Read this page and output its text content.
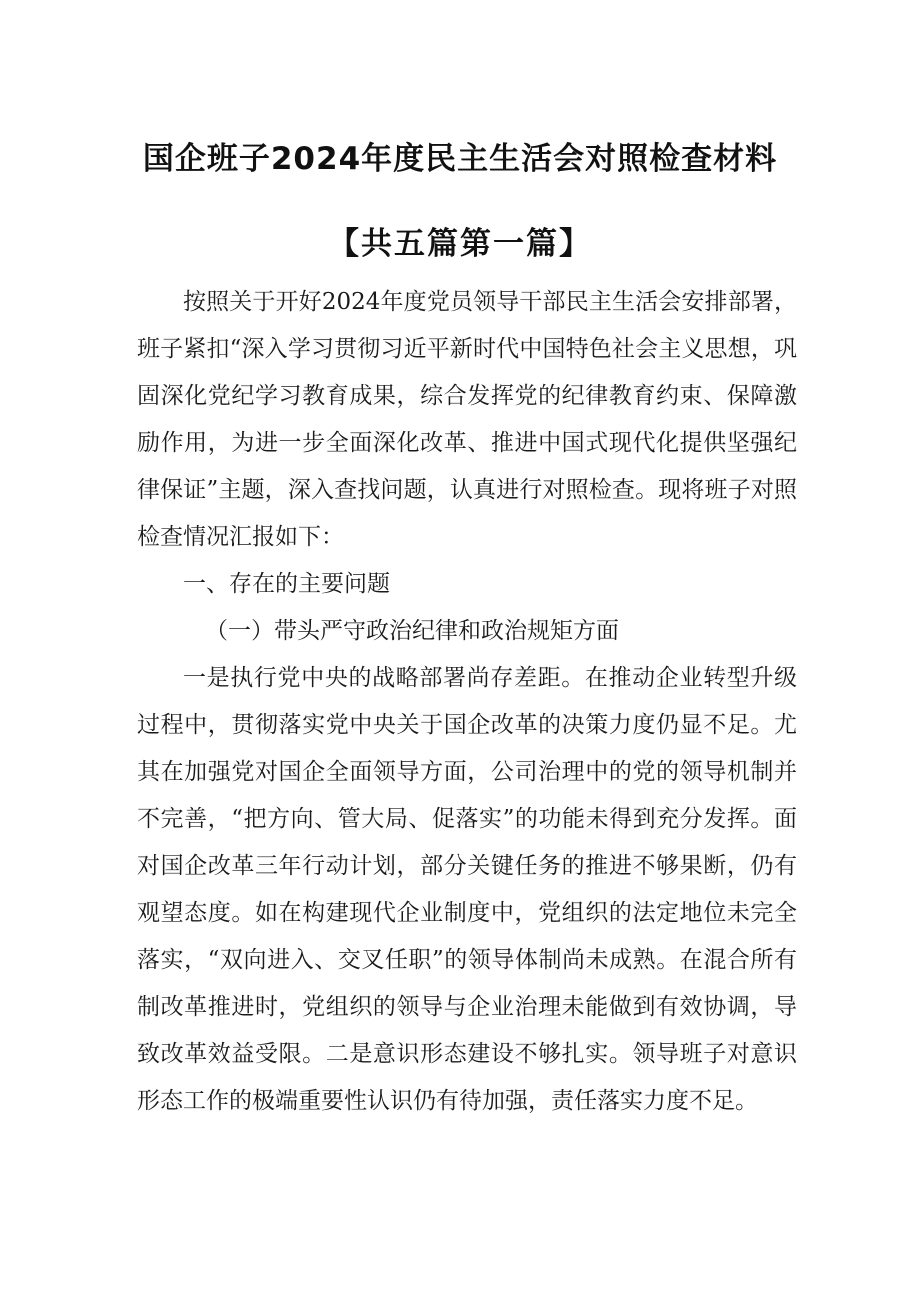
国企班子2024年度民主生活会对照检查材料
【共五篇第一篇】

按照关于开好2024年度党员领导干部民主生活会安排部署，班子紧扣“深入学习贯彻习近平新时代中国特色社会主义思想，巩固深化党纪学习教育成果，综合发挥党的纪律教育约束、保障激励作用，为进一步全面深化改革、推进中国式现代化提供坚强纪律保证”主题，深入查找问题，认真进行对照检查。现将班子对照检查情况汇报如下：

一、存在的主要问题

（一）带头严守政治纪律和政治规矩方面

一是执行党中央的战略部署尚存差距。在推动企业转型升级过程中，贯彻落实党中央关于国企改革的决策力度仍显不足。尤其在加强党对国企全面领导方面，公司治理中的党的领导机制并不完善，“把方向、管大局、促落实”的功能未得到充分发挥。面对国企改革三年行动计划，部分关键任务的推进不够果断，仍有观望态度。如在构建现代企业制度中，党组织的法定地位未完全落实，“双向进入、交叉任职”的领导体制尚未成熟。在混合所有制改革推进时，党组织的领导与企业治理未能做到有效协调，导致改革效益受限。二是意识形态建设不够扎实。领导班子对意识形态工作的极端重要性认识仍有待加强，责任落实力度不足。
